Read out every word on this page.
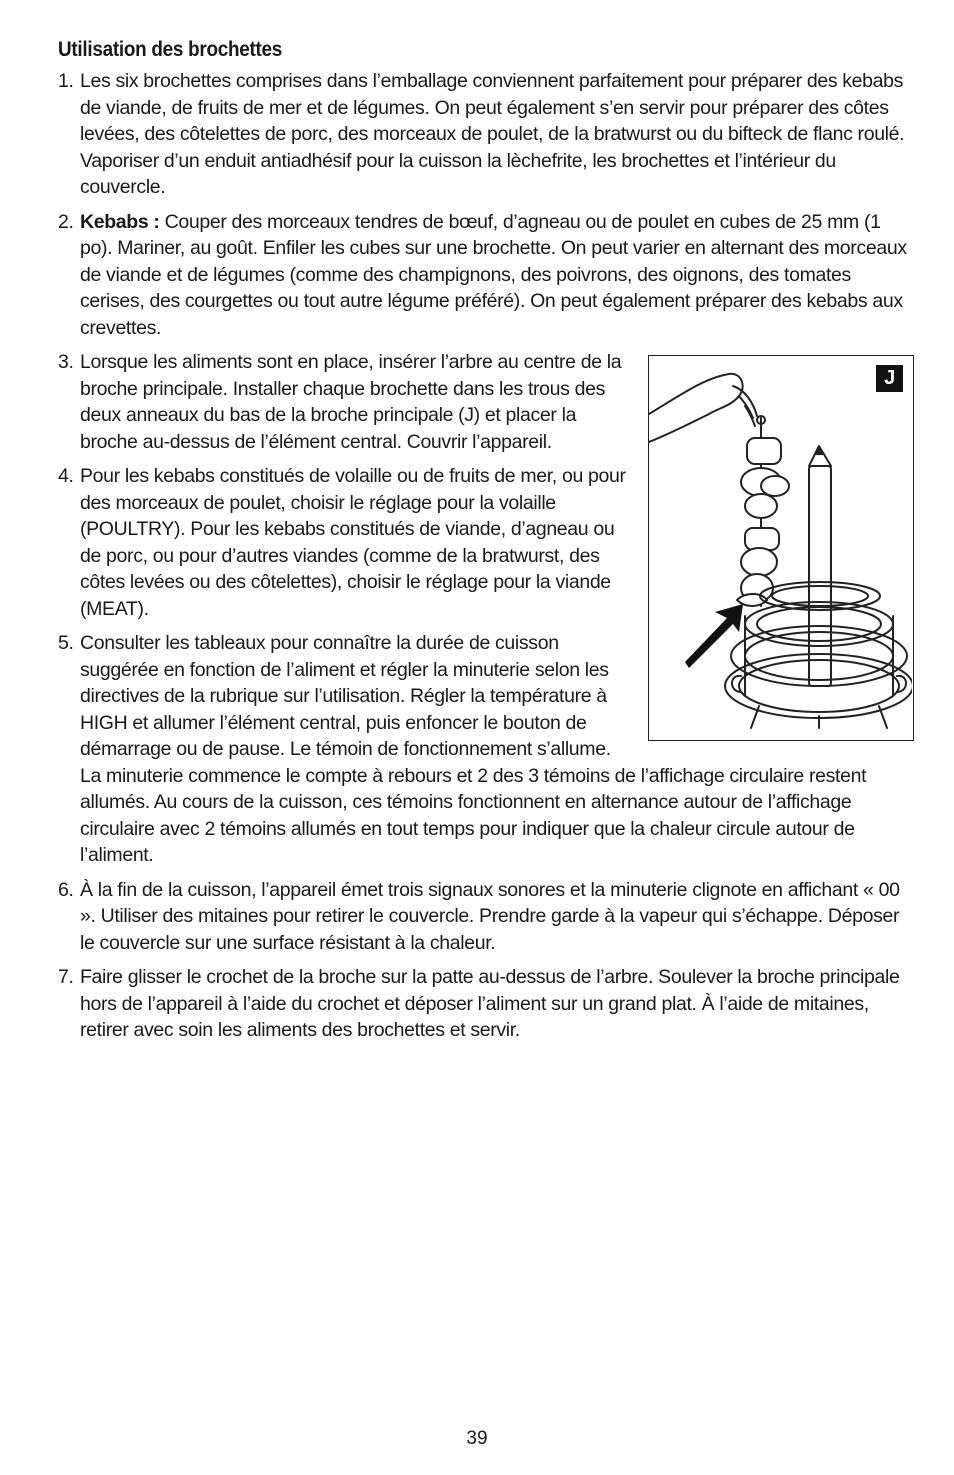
Utilisation des brochettes
1. Les six brochettes comprises dans l’emballage conviennent parfaitement pour préparer des kebabs de viande, de fruits de mer et de légumes. On peut également s’en servir pour préparer des côtes levées, des côtelettes de porc, des morceaux de poulet, de la bratwurst ou du bifteck de flanc roulé. Vaporiser d’un enduit antiadhésif pour la cuisson la lèchefrite, les brochettes et l’intérieur du couvercle.
2. Kebabs : Couper des morceaux tendres de bœuf, d’agneau ou de poulet en cubes de 25 mm (1 po). Mariner, au goût. Enfiler les cubes sur une brochette. On peut varier en alternant des morceaux de viande et de légumes (comme des champignons, des poivrons, des oignons, des tomates cerises, des courgettes ou tout autre légume préféré). On peut également préparer des kebabs aux crevettes.
J
3. Lorsque les aliments sont en place, insérer l’arbre au centre de la broche principale. Installer chaque brochette dans les trous des deux anneaux du bas de la broche principale (J) et placer la broche au-dessus de l’élément central. Couvrir l’appareil.
4. Pour les kebabs constitués de volaille ou de fruits de mer, ou pour des morceaux de poulet, choisir le réglage pour la volaille (POULTRY). Pour les kebabs constitués de viande, d’agneau ou de porc, ou pour d’autres viandes (comme de la bratwurst, des côtes levées ou des côtelettes), choisir le réglage pour la viande (MEAT).
5. Consulter les tableaux pour connaître la durée de cuisson suggérée en fonction de l’aliment et régler la minuterie selon les directives de la rubrique sur l’utilisation. Régler la température à HIGH et allumer l’élément central, puis enfoncer le bouton de démarrage ou de pause. Le témoin de fonctionnement s’allume. La minuterie commence le compte à rebours et 2 des 3 témoins de l’affichage circulaire restent allumés. Au cours de la cuisson, ces témoins fonctionnent en alternance autour de l’affichage circulaire avec 2 témoins allumés en tout temps pour indiquer que la chaleur circule autour de l’aliment.
6. À la fin de la cuisson, l’appareil émet trois signaux sonores et la minuterie clignote en affichant « 00 ». Utiliser des mitaines pour retirer le couvercle. Prendre garde à la vapeur qui s’échappe. Déposer le couvercle sur une surface résistant à la chaleur.
7. Faire glisser le crochet de la broche sur la patte au-dessus de l’arbre. Soulever la broche principale hors de l’appareil à l’aide du crochet et déposer l’aliment sur un grand plat. À l’aide de mitaines, retirer avec soin les aliments des brochettes et servir.
39
